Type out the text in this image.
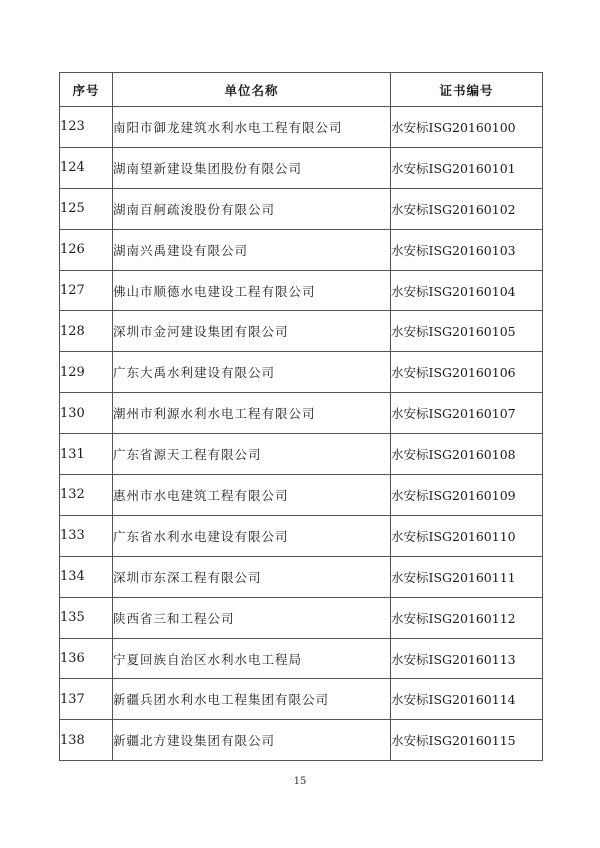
序号	单位名称	证书编号
123	南阳市御龙建筑水利水电工程有限公司	水安标ⅠSG20160100
124	湖南望新建设集团股份有限公司	水安标ⅠSG20160101
125	湖南百舸疏浚股份有限公司	水安标ⅠSG20160102
126	湖南兴禹建设有限公司	水安标ⅠSG20160103
127	佛山市顺德水电建设工程有限公司	水安标ⅠSG20160104
128	深圳市金河建设集团有限公司	水安标ⅠSG20160105
129	广东大禹水利建设有限公司	水安标ⅠSG20160106
130	潮州市利源水利水电工程有限公司	水安标ⅠSG20160107
131	广东省源天工程有限公司	水安标ⅠSG20160108
132	惠州市水电建筑工程有限公司	水安标ⅠSG20160109
133	广东省水利水电建设有限公司	水安标ⅠSG20160110
134	深圳市东深工程有限公司	水安标ⅠSG20160111
135	陕西省三和工程公司	水安标ⅠSG20160112
136	宁夏回族自治区水利水电工程局	水安标ⅠSG20160113
137	新疆兵团水利水电工程集团有限公司	水安标ⅠSG20160114
138	新疆北方建设集团有限公司	水安标ⅠSG20160115
15
